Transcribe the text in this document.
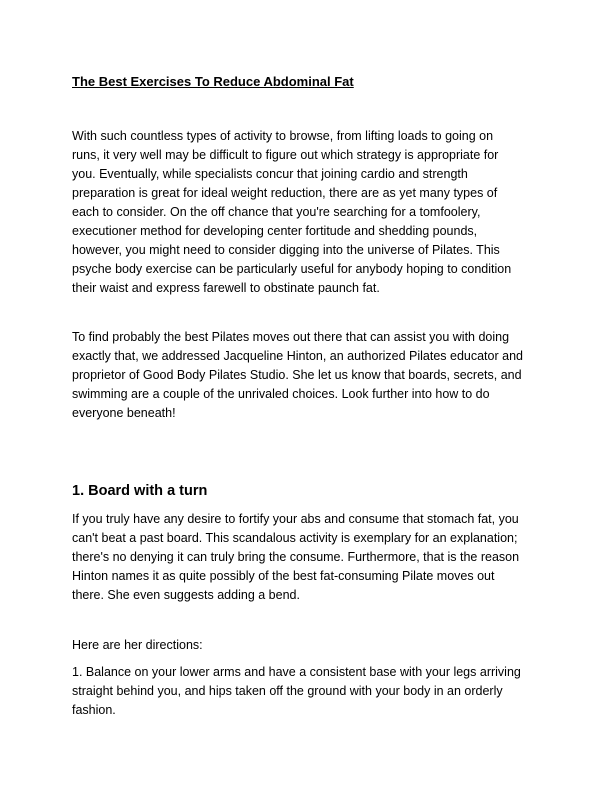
The Best Exercises To Reduce Abdominal Fat

With such countless types of activity to browse, from lifting loads to going on
runs, it very well may be difficult to figure out which strategy is appropriate for
you. Eventually, while specialists concur that joining cardio and strength
preparation is great for ideal weight reduction, there are as yet many types of
each to consider. On the off chance that you're searching for a tomfoolery,
executioner method for developing center fortitude and shedding pounds,
however, you might need to consider digging into the universe of Pilates. This
psyche body exercise can be particularly useful for anybody hoping to condition
their waist and express farewell to obstinate paunch fat.

To find probably the best Pilates moves out there that can assist you with doing
exactly that, we addressed Jacqueline Hinton, an authorized Pilates educator and
proprietor of Good Body Pilates Studio. She let us know that boards, secrets, and
swimming are a couple of the unrivaled choices. Look further into how to do
everyone beneath!

1. Board with a turn

If you truly have any desire to fortify your abs and consume that stomach fat, you
can't beat a past board. This scandalous activity is exemplary for an explanation;
there's no denying it can truly bring the consume. Furthermore, that is the reason
Hinton names it as quite possibly of the best fat-consuming Pilate moves out
there. She even suggests adding a bend.

Here are her directions:

1. Balance on your lower arms and have a consistent base with your legs arriving
straight behind you, and hips taken off the ground with your body in an orderly
fashion.
